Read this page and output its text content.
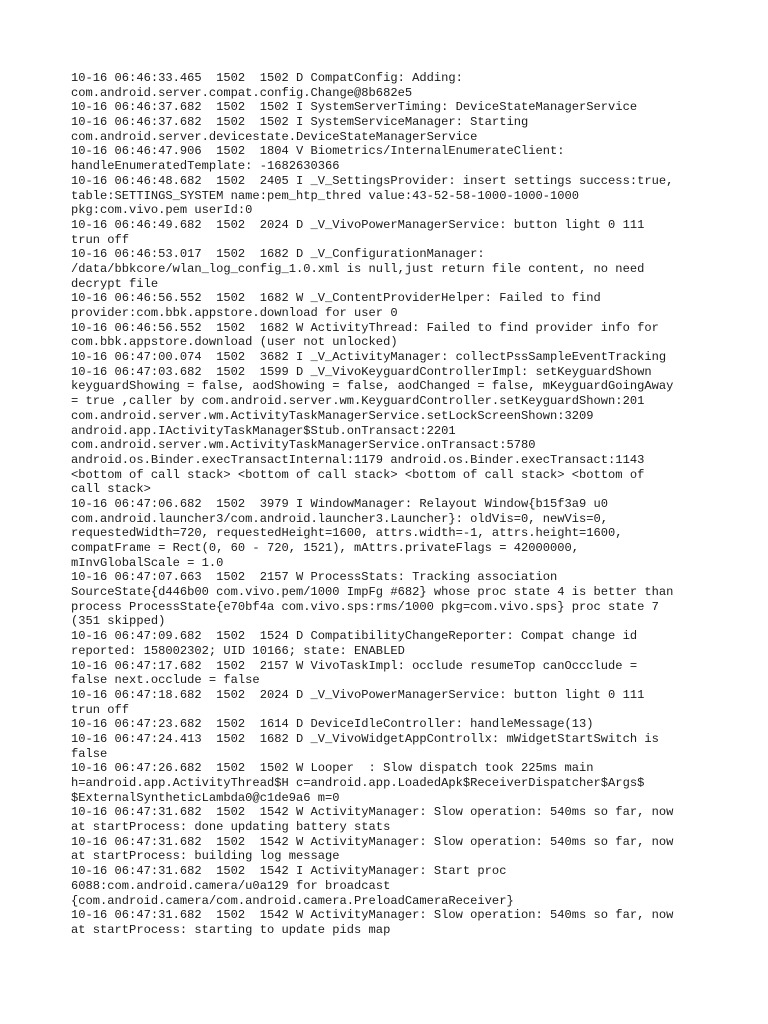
10-16 06:46:33.465  1502  1502 D CompatConfig: Adding:
com.android.server.compat.config.Change@8b682e5
10-16 06:46:37.682  1502  1502 I SystemServerTiming: DeviceStateManagerService
10-16 06:46:37.682  1502  1502 I SystemServiceManager: Starting
com.android.server.devicestate.DeviceStateManagerService
10-16 06:46:47.906  1502  1804 V Biometrics/InternalEnumerateClient:
handleEnumeratedTemplate: -1682630366
10-16 06:46:48.682  1502  2405 I _V_SettingsProvider: insert settings success:true,
table:SETTINGS_SYSTEM name:pem_htp_thred value:43-52-58-1000-1000-1000
pkg:com.vivo.pem userId:0
10-16 06:46:49.682  1502  2024 D _V_VivoPowerManagerService: button light 0 111
trun off
10-16 06:46:53.017  1502  1682 D _V_ConfigurationManager:
/data/bbkcore/wlan_log_config_1.0.xml is null,just return file content, no need
decrypt file
10-16 06:46:56.552  1502  1682 W _V_ContentProviderHelper: Failed to find
provider:com.bbk.appstore.download for user 0
10-16 06:46:56.552  1502  1682 W ActivityThread: Failed to find provider info for
com.bbk.appstore.download (user not unlocked)
10-16 06:47:00.074  1502  3682 I _V_ActivityManager: collectPssSampleEventTracking
10-16 06:47:03.682  1502  1599 D _V_VivoKeyguardControllerImpl: setKeyguardShown
keyguardShowing = false, aodShowing = false, aodChanged = false, mKeyguardGoingAway
= true ,caller by com.android.server.wm.KeyguardController.setKeyguardShown:201
com.android.server.wm.ActivityTaskManagerService.setLockScreenShown:3209
android.app.IActivityTaskManager$Stub.onTransact:2201
com.android.server.wm.ActivityTaskManagerService.onTransact:5780
android.os.Binder.execTransactInternal:1179 android.os.Binder.execTransact:1143
<bottom of call stack> <bottom of call stack> <bottom of call stack> <bottom of
call stack>
10-16 06:47:06.682  1502  3979 I WindowManager: Relayout Window{b15f3a9 u0
com.android.launcher3/com.android.launcher3.Launcher}: oldVis=0, newVis=0,
requestedWidth=720, requestedHeight=1600, attrs.width=-1, attrs.height=1600,
compatFrame = Rect(0, 60 - 720, 1521), mAttrs.privateFlags = 42000000,
mInvGlobalScale = 1.0
10-16 06:47:07.663  1502  2157 W ProcessStats: Tracking association
SourceState{d446b00 com.vivo.pem/1000 ImpFg #682} whose proc state 4 is better than
process ProcessState{e70bf4a com.vivo.sps:rms/1000 pkg=com.vivo.sps} proc state 7
(351 skipped)
10-16 06:47:09.682  1502  1524 D CompatibilityChangeReporter: Compat change id
reported: 158002302; UID 10166; state: ENABLED
10-16 06:47:17.682  1502  2157 W VivoTaskImpl: occlude resumeTop canOccclude =
false next.occlude = false
10-16 06:47:18.682  1502  2024 D _V_VivoPowerManagerService: button light 0 111
trun off
10-16 06:47:23.682  1502  1614 D DeviceIdleController: handleMessage(13)
10-16 06:47:24.413  1502  1682 D _V_VivoWidgetAppControllx: mWidgetStartSwitch is
false
10-16 06:47:26.682  1502  1502 W Looper  : Slow dispatch took 225ms main
h=android.app.ActivityThread$H c=android.app.LoadedApk$ReceiverDispatcher$Args$
$ExternalSyntheticLambda0@c1de9a6 m=0
10-16 06:47:31.682  1502  1542 W ActivityManager: Slow operation: 540ms so far, now
at startProcess: done updating battery stats
10-16 06:47:31.682  1502  1542 W ActivityManager: Slow operation: 540ms so far, now
at startProcess: building log message
10-16 06:47:31.682  1502  1542 I ActivityManager: Start proc
6088:com.android.camera/u0a129 for broadcast
{com.android.camera/com.android.camera.PreloadCameraReceiver}
10-16 06:47:31.682  1502  1542 W ActivityManager: Slow operation: 540ms so far, now
at startProcess: starting to update pids map
